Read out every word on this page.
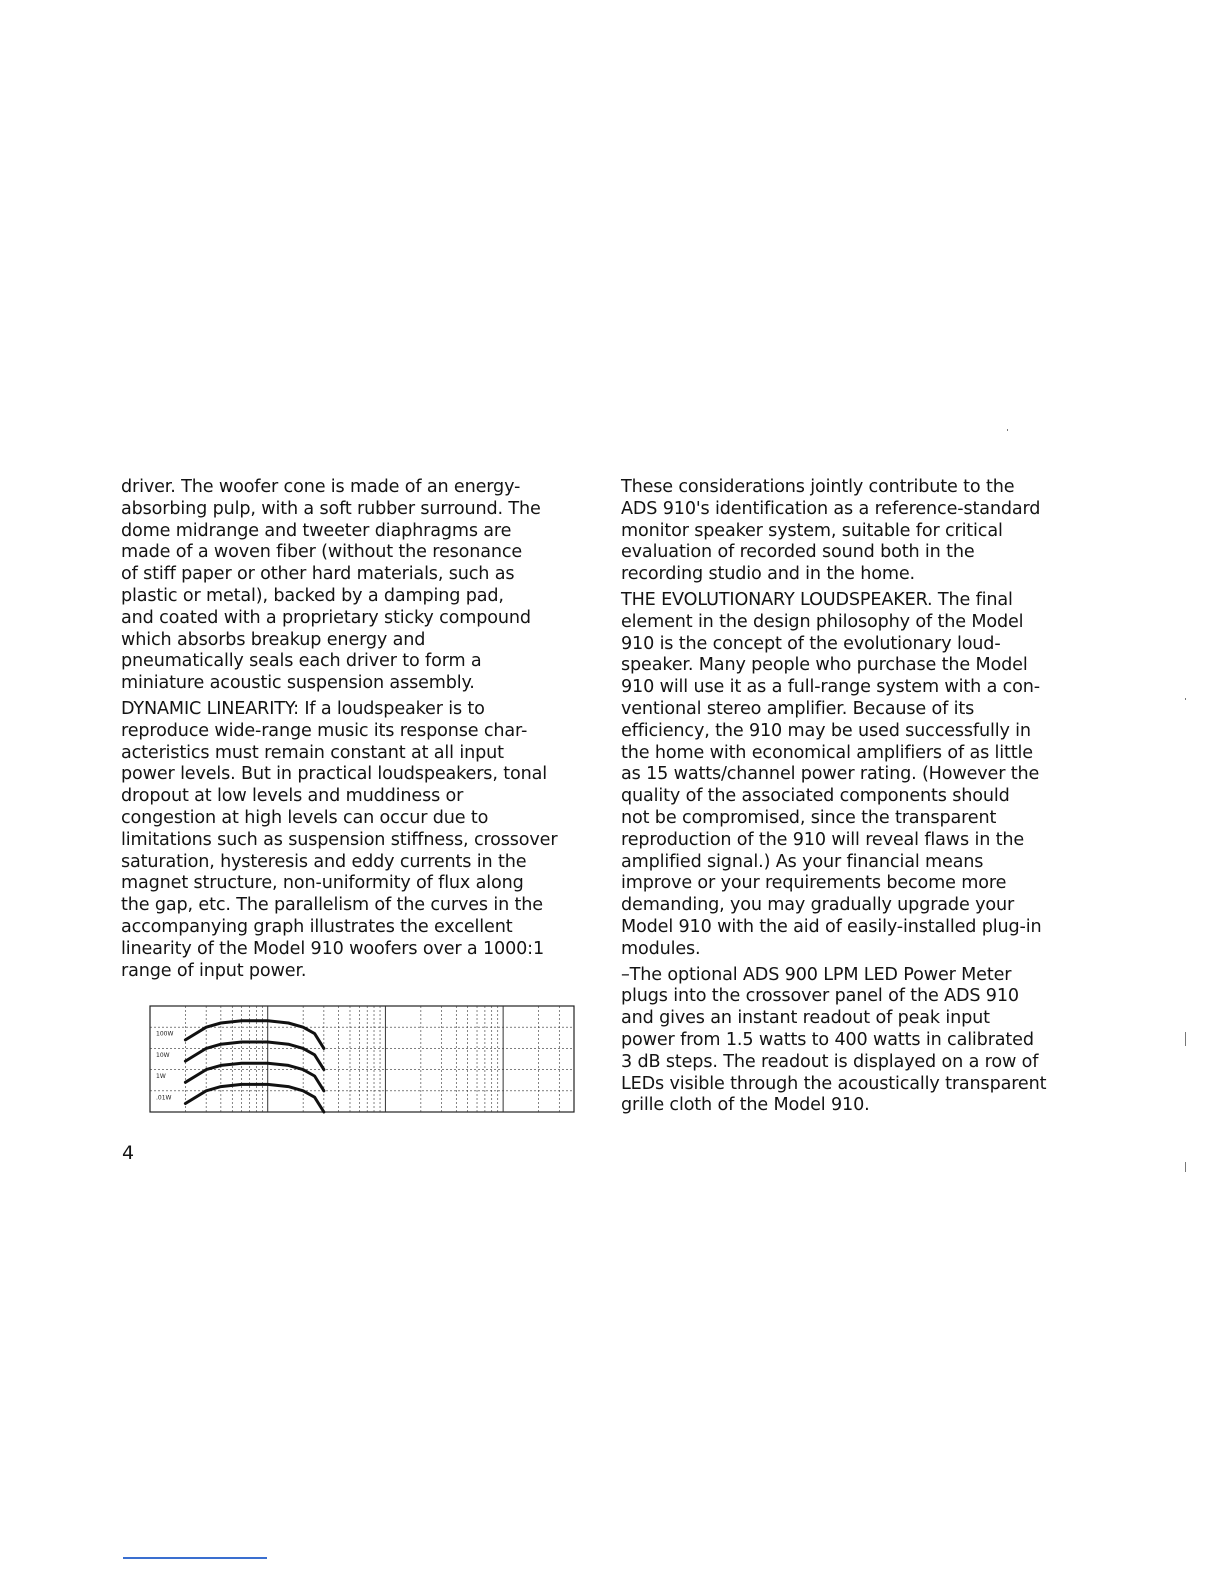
driver. The woofer cone is made of an energy-
absorbing pulp, with a soft rubber surround. The
dome midrange and tweeter diaphragms are
made of a woven fiber (without the resonance
of stiff paper or other hard materials, such as
plastic or metal), backed by a damping pad,
and coated with a proprietary sticky compound
which absorbs breakup energy and
pneumatically seals each driver to form a
miniature acoustic suspension assembly.

DYNAMIC LINEARITY: If a loudspeaker is to
reproduce wide-range music its response char-
acteristics must remain constant at all input
power levels. But in practical loudspeakers, tonal
dropout at low levels and muddiness or
congestion at high levels can occur due to
limitations such as suspension stiffness, crossover
saturation, hysteresis and eddy currents in the
magnet structure, non-uniformity of flux along
the gap, etc. The parallelism of the curves in the
accompanying graph illustrates the excellent
linearity of the Model 910 woofers over a 1000:1
range of input power.

These considerations jointly contribute to the
ADS 910's identification as a reference-standard
monitor speaker system, suitable for critical
evaluation of recorded sound both in the
recording studio and in the home.

THE EVOLUTIONARY LOUDSPEAKER. The final
element in the design philosophy of the Model
910 is the concept of the evolutionary loud-
speaker. Many people who purchase the Model
910 will use it as a full-range system with a con-
ventional stereo amplifier. Because of its
efficiency, the 910 may be used successfully in
the home with economical amplifiers of as little
as 15 watts/channel power rating. (However the
quality of the associated components should
not be compromised, since the transparent
reproduction of the 910 will reveal flaws in the
amplified signal.) As your financial means
improve or your requirements become more
demanding, you may gradually upgrade your
Model 910 with the aid of easily-installed plug-in
modules.

–The optional ADS 900 LPM LED Power Meter
plugs into the crossover panel of the ADS 910
and gives an instant readout of peak input
power from 1.5 watts to 400 watts in calibrated
3 dB steps. The readout is displayed on a row of
LEDs visible through the acoustically transparent
grille cloth of the Model 910.

100W
10W
1W
.01W
4
